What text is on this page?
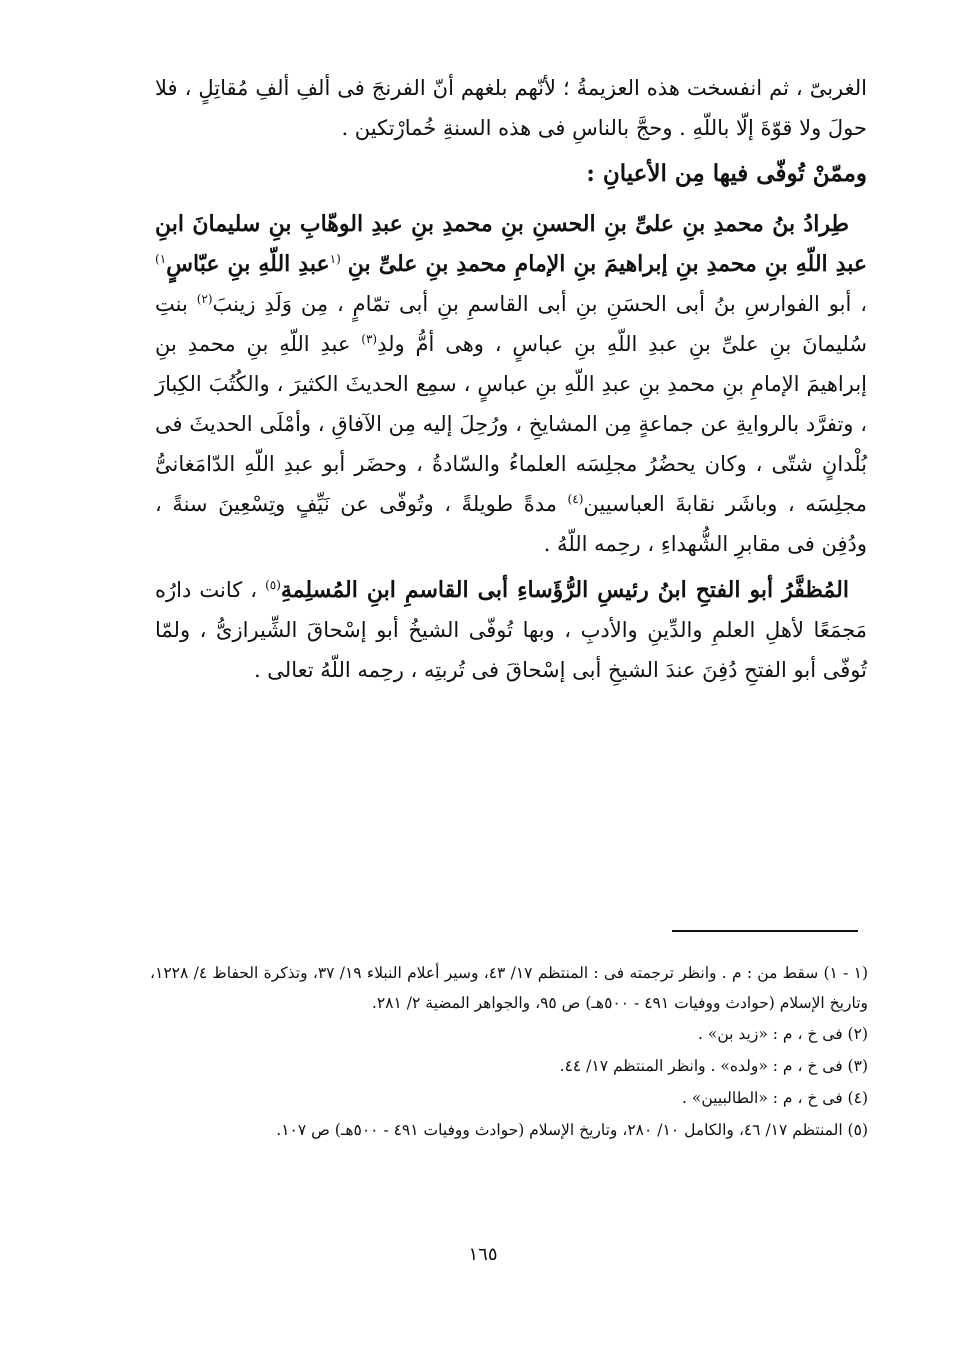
الغربىّ ، ثم انفسخت هذه العزيمةُ ؛ لأنّهم بلغهم أنّ الفرنجَ فى ألفِ ألفِ مُقاتِلٍ ، فلا حولَ ولا قوّةَ إلّا باللّهِ . وحجَّ بالناسِ فى هذه السنةِ خُمارْتكين .

وممّنْ تُوفّى فيها مِن الأعيانِ :

طِرادُ بنُ محمدِ بنِ علىِّ بنِ الحسنِ بنِ محمدِ بنِ عبدِ الوهّابِ بنِ سليمانَ ابنِ عبدِ اللّهِ بنِ محمدِ بنِ إبراهيمَ بنِ الإمامِ محمدِ بنِ علىِّ بنِ $^{(١}$عبدِ اللّهِ بنِ عبّاسٍ$^{١)}$ ، أبو الفوارسِ بنُ أبى الحسَنِ بنِ أبى القاسمِ بنِ أبى تمّامٍ ، مِن وَلَدِ زينبَ$^{(٢)}$ بنتِ سُليمانَ بنِ علىِّ بنِ عبدِ اللّهِ بنِ عباسٍ ، وهى أمُّ ولدِ$^{(٣)}$ عبدِ اللّهِ بنِ محمدِ بنِ إبراهيمَ الإمامِ بنِ محمدِ بنِ عبدِ اللّهِ بنِ عباسٍ ، سمِع الحديثَ الكثيرَ ، والكُتُبَ الكِبارَ ، وتفرَّد بالروايةِ عن جماعةٍ مِن المشايخِ ، ورُحِلَ إليه مِن الآفاقِ ، وأمْلَى الحديثَ فى بُلْدانٍ شتّى ، وكان يحضُرُ مجلِسَه العلماءُ والسّادةُ ، وحضَر أبو عبدِ اللّهِ الدّامَغانىُّ مجلِسَه ، وباشَر نقابةَ العباسيين$^{(٤)}$ مدةً طويلةً ، وتُوفّى عن نَيِّفٍ وتِسْعِينَ سنةً ، ودُفِن فى مقابرِ الشُّهداءِ ، رحِمه اللّهُ .

المُظفَّرُ أبو الفتحِ ابنُ رئيسِ الرُّؤَساءِ أبى القاسمِ ابنِ المُسلِمةِ$^{(٥)}$ ، كانت دارُه مَجمَعًا لأهلِ العلمِ والدِّينِ والأدبِ ، وبها تُوفّى الشيخُ أبو إسْحاقَ الشِّيرازىُّ ، ولمّا تُوفّى أبو الفتحِ دُفِنَ عندَ الشيخِ أبى إسْحاقَ فى تُربتِه ، رحِمه اللّهُ تعالى .

(١ - ١) سقط من : م . وانظر ترجمته فى : المنتظم ١٧/ ٤٣، وسير أعلام النبلاء ١٩/ ٣٧، وتذكرة الحفاظ ٤/ ١٢٢٨، وتاريخ الإسلام (حوادث ووفيات ٤٩١ - ٥٠٠هـ) ص ٩٥، والجواهر المضية ٢/ ٢٨١.

(٢) فى خ ، م : «زيد بن» .

(٣) فى خ ، م : «ولده» . وانظر المنتظم ١٧/ ٤٤.

(٤) فى خ ، م : «الطالبيين» .

(٥) المنتظم ١٧/ ٤٦، والكامل ١٠/ ٢٨٠، وتاريخ الإسلام (حوادث ووفيات ٤٩١ - ٥٠٠هـ) ص ١٠٧.

١٦٥
